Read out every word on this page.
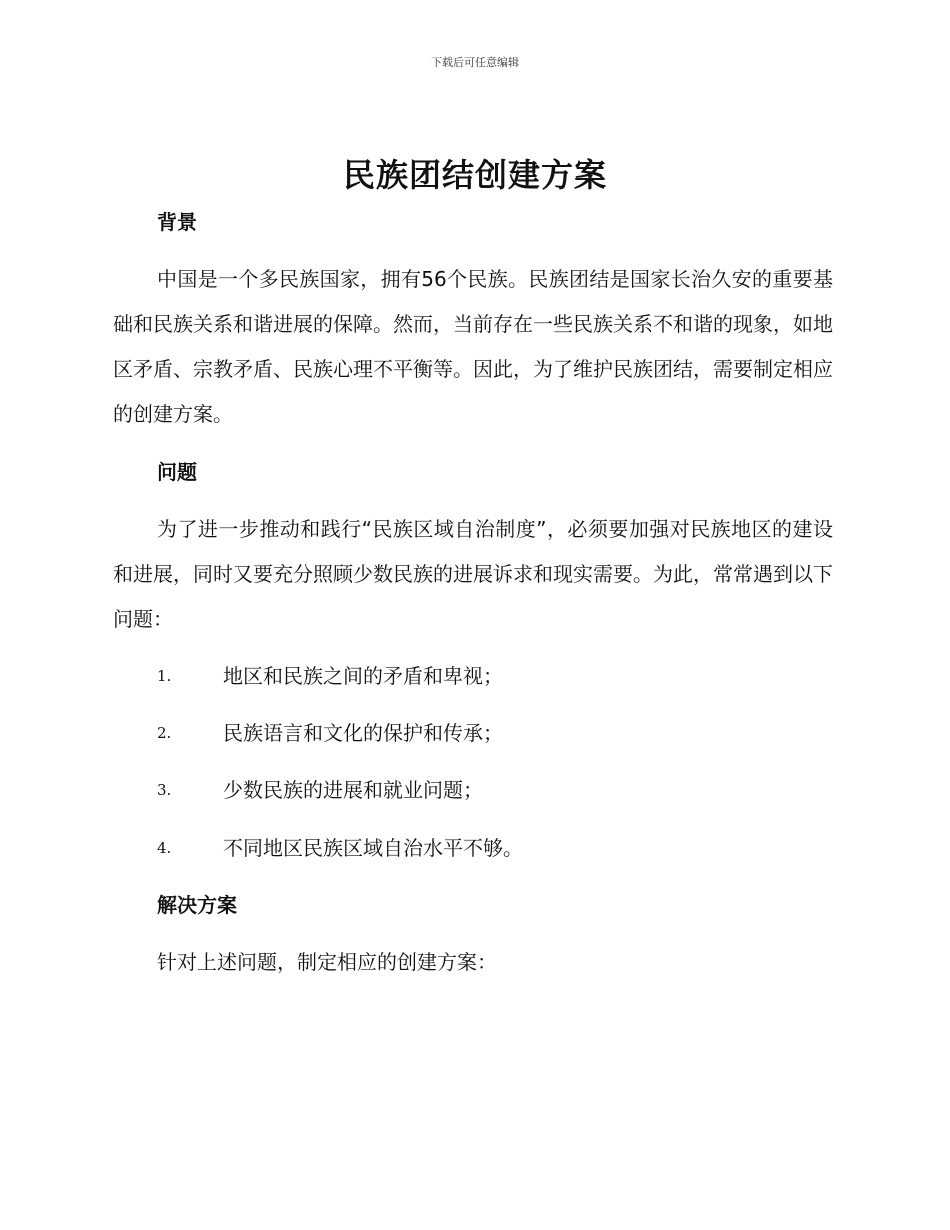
下载后可任意编辑
民族团结创建方案
背景

中国是一个多民族国家，拥有56个民族。民族团结是国家长治久安的重要基础和民族关系和谐进展的保障。然而，当前存在一些民族关系不和谐的现象，如地区矛盾、宗教矛盾、民族心理不平衡等。因此，为了维护民族团结，需要制定相应的创建方案。

问题

为了进一步推动和践行“民族区域自治制度”，必须要加强对民族地区的建设和进展，同时又要充分照顾少数民族的进展诉求和现实需要。为此，常常遇到以下问题：

1.	地区和民族之间的矛盾和卑视；
2.	民族语言和文化的保护和传承；
3.	少数民族的进展和就业问题；
4.	不同地区民族区域自治水平不够。
解决方案

针对上述问题，制定相应的创建方案：
